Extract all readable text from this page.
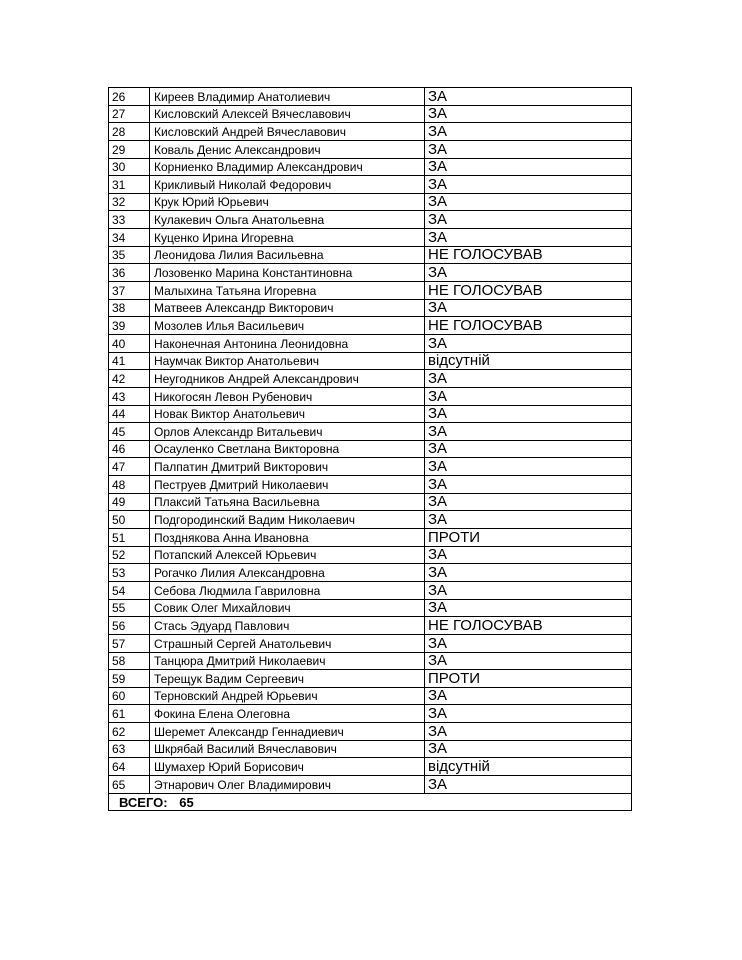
26	Киреев Владимир Анатолиевич	ЗА
27	Кисловский Алексей Вячеславович	ЗА
28	Кисловский Андрей Вячеславович	ЗА
29	Коваль Денис Александрович	ЗА
30	Корниенко Владимир Александрович	ЗА
31	Крикливый Николай Федорович	ЗА
32	Крук Юрий Юрьевич	ЗА
33	Кулакевич Ольга Анатольевна	ЗА
34	Куценко Ирина Игоревна	ЗА
35	Леонидова Лилия Васильевна	НЕ ГОЛОСУВАВ
36	Лозовенко Марина Константиновна	ЗА
37	Малыхина Татьяна Игоревна	НЕ ГОЛОСУВАВ
38	Матвеев Александр Викторович	ЗА
39	Мозолев Илья Васильевич	НЕ ГОЛОСУВАВ
40	Наконечная Антонина Леонидовна	ЗА
41	Наумчак Виктор Анатольевич	відсутній
42	Неугодников Андрей Александрович	ЗА
43	Никогосян Левон Рубенович	ЗА
44	Новак Виктор Анатольевич	ЗА
45	Орлов Александр Витальевич	ЗА
46	Осауленко Светлана Викторовна	ЗА
47	Палпатин Дмитрий Викторович	ЗА
48	Пеструев Дмитрий Николаевич	ЗА
49	Плаксий Татьяна Васильевна	ЗА
50	Подгородинский Вадим Николаевич	ЗА
51	Позднякова Анна Ивановна	ПРОТИ
52	Потапский Алексей Юрьевич	ЗА
53	Рогачко Лилия Александровна	ЗА
54	Себова Людмила Гавриловна	ЗА
55	Совик Олег Михайлович	ЗА
56	Стась Эдуард Павлович	НЕ ГОЛОСУВАВ
57	Страшный Сергей Анатольевич	ЗА
58	Танцюра Дмитрий Николаевич	ЗА
59	Терещук Вадим Сергеевич	ПРОТИ
60	Терновский Андрей Юрьевич	ЗА
61	Фокина Елена Олеговна	ЗА
62	Шеремет Александр Геннадиевич	ЗА
63	Шкрябай Василий Вячеславович	ЗА
64	Шумахер Юрий Борисович	відсутній
65	Этнарович Олег Владимирович	ЗА
ВСЕГО: 65		
